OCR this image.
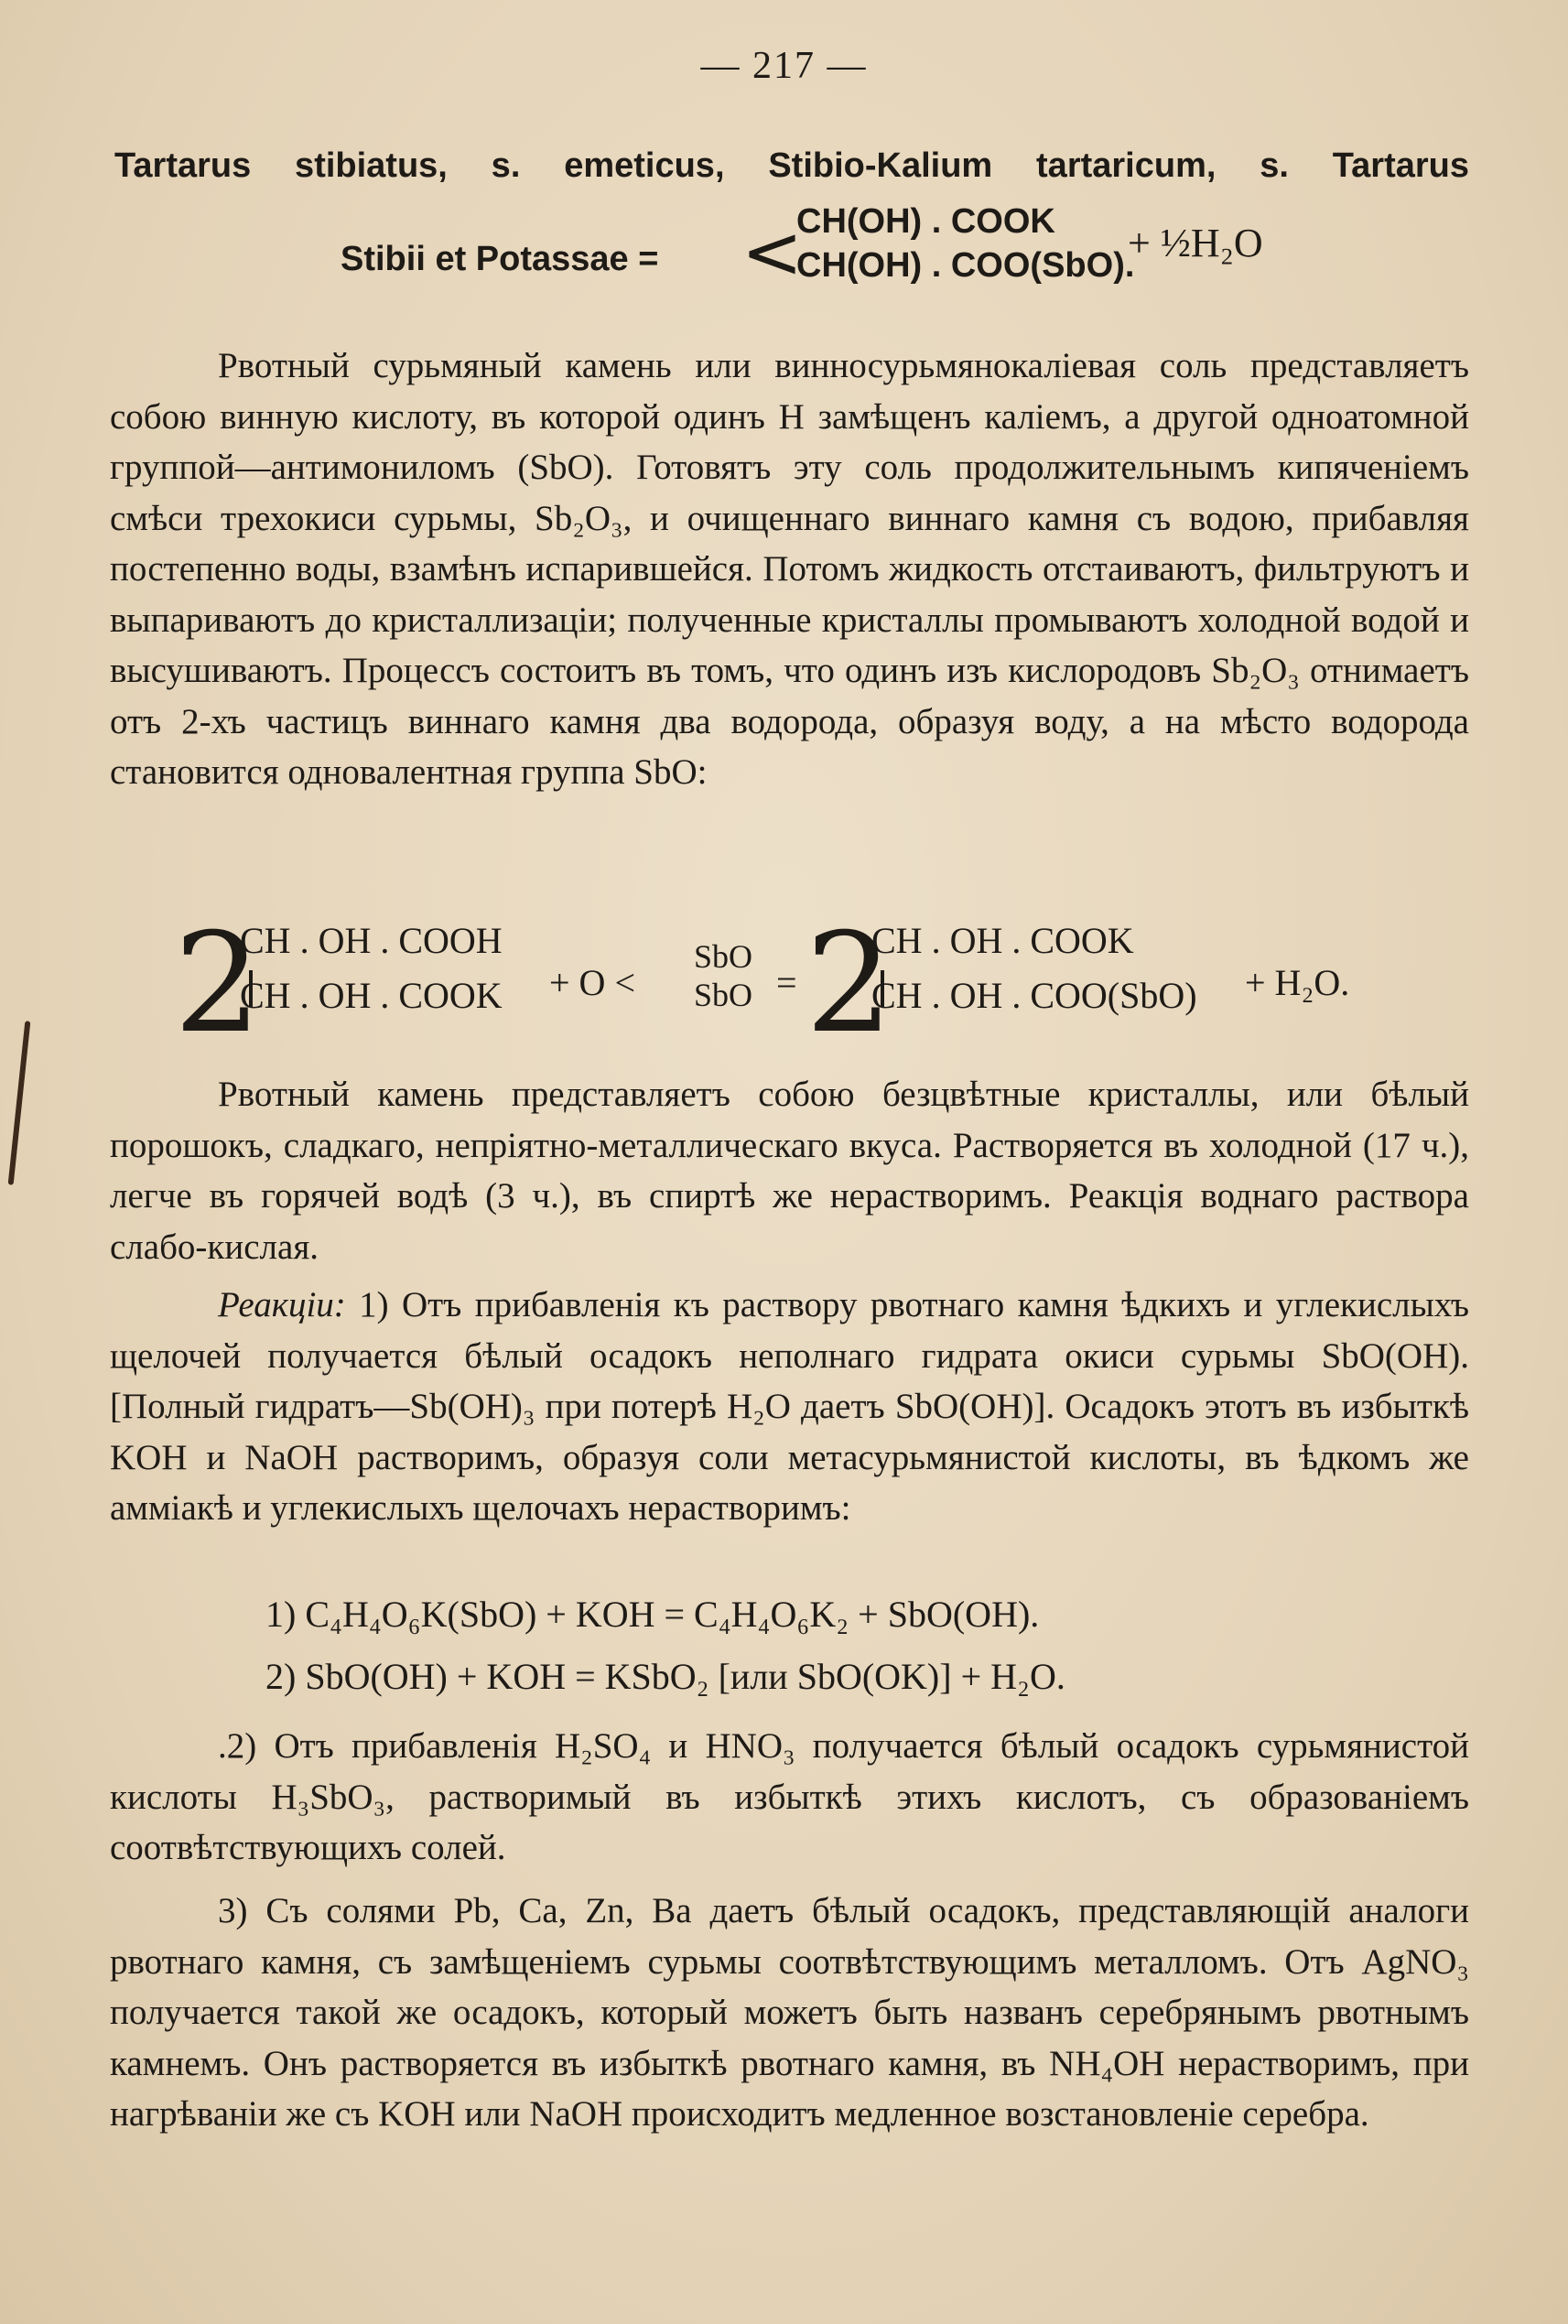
— 217 —
Tartarus stibiatus, s. emeticus, Stibio-Kalium tartaricum, s. Tartarus
Stibii et Potassae = <
CH(OH) . COOK
CH(OH) . COO(SbO).
+ ½H₂O

Рвотный сурьмяный камень или винносурьмянокалiевая соль представляетъ собою винную кислоту, въ которой одинъ H замѣщенъ калiемъ, а другой одноатомной группой—антимониломъ (SbO). Готовятъ эту соль продолжительнымъ кипяченiемъ смѣси трехокиси сурьмы, Sb₂O₃, и очищеннаго виннаго камня съ водою, прибавляя постепенно воды, взамѣнъ испарившейся. Потомъ жидкость отстаиваютъ, фильтруютъ и выпариваютъ до кристаллизацiи; полученные кристаллы промываютъ холодной водой и высушиваютъ. Процессъ состоитъ въ томъ, что одинъ изъ кислородовъ Sb₂O₃ отнимаетъ отъ 2-хъ частицъ виннаго камня два водорода, образуя воду, а на мѣсто водорода становится одновалентная группа SbO:

2
CH . OH . COOH
CH . OH . COOK + O <
SbO
SbO = 2
CH . OH . COOK
CH . OH . COO(SbO) + H₂O.

Рвотный камень представляетъ собою безцвѣтные кристаллы, или бѣлый порошокъ, сладкаго, непрiятно-металлическаго вкуса. Растворяется въ холодной (17 ч.), легче въ горячей водѣ (3 ч.), въ спиртѣ же нерастворимъ. Реакцiя воднаго раствора слабо-кислая.

Реакцiи: 1) Отъ прибавленiя къ раствору рвотнаго камня ѣдкихъ и углекислыхъ щелочей получается бѣлый осадокъ неполнаго гидрата окиси сурьмы SbO(OH). [Полный гидратъ—Sb(OH)₃ при потерѣ H₂O даетъ SbO(OH)]. Осадокъ этотъ въ избыткѣ KOH и NaOH растворимъ, образуя соли метасурьмянистой кислоты, въ ѣдкомъ же аммiакѣ и углекислыхъ щелочахъ нерастворимъ:

1) C₄H₄O₆K(SbO) + KOH = C₄H₄O₆K₂ + SbO(OH).
2) SbO(OH) + KOH = KSbO₂ [или SbO(OK)] + H₂O.

.2) Отъ прибавленiя H₂SO₄ и HNO₃ получается бѣлый осадокъ сурьмянистой кислоты H₃SbO₃, растворимый въ избыткѣ этихъ кислотъ, съ образованiемъ соотвѣтствующихъ солей.

3) Съ солями Pb, Ca, Zn, Ba даетъ бѣлый осадокъ, представляющiй аналоги рвотнаго камня, съ замѣщенiемъ сурьмы соотвѣтствующимъ металломъ. Отъ AgNO₃ получается такой же осадокъ, который можетъ быть названъ серебрянымъ рвотнымъ камнемъ. Онъ растворяется въ избыткѣ рвотнаго камня, въ NH₄OH нерастворимъ, при нагрѣванiи же съ KOH или NaOH происходитъ медленное возстановленiе серебра.
